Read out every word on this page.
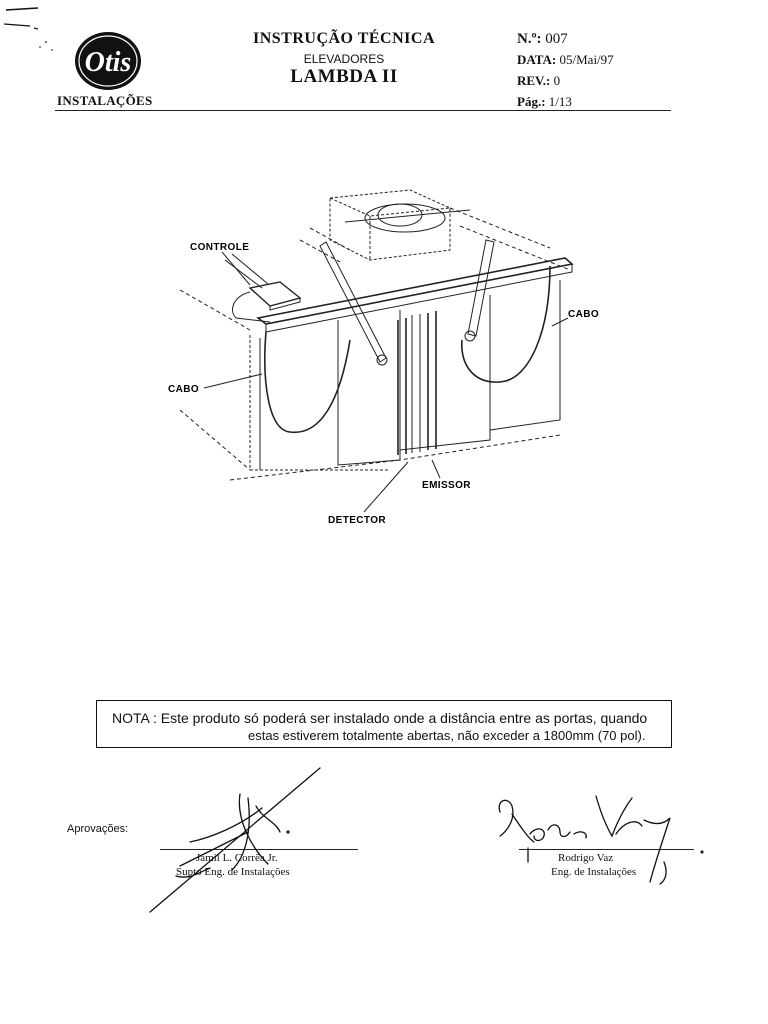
Otis
INSTALAÇÕES
INSTRUÇÃO TÉCNICA
ELEVADORES
LAMBDA II
N.º: 007
DATA: 05/Mai/97
REV.: 0
Pág.: 1/13
CONTROLE
CABO
CABO
EMISSOR
DETECTOR
NOTA : Este produto só poderá ser instalado onde a distância entre as portas, quando
estas estiverem totalmente abertas, não exceder a 1800mm (70 pol).
Aprovações:
Jamil L. Corrêa Jr.
Supto Eng. de Instalações
Rodrigo Vaz
Eng. de Instalações
